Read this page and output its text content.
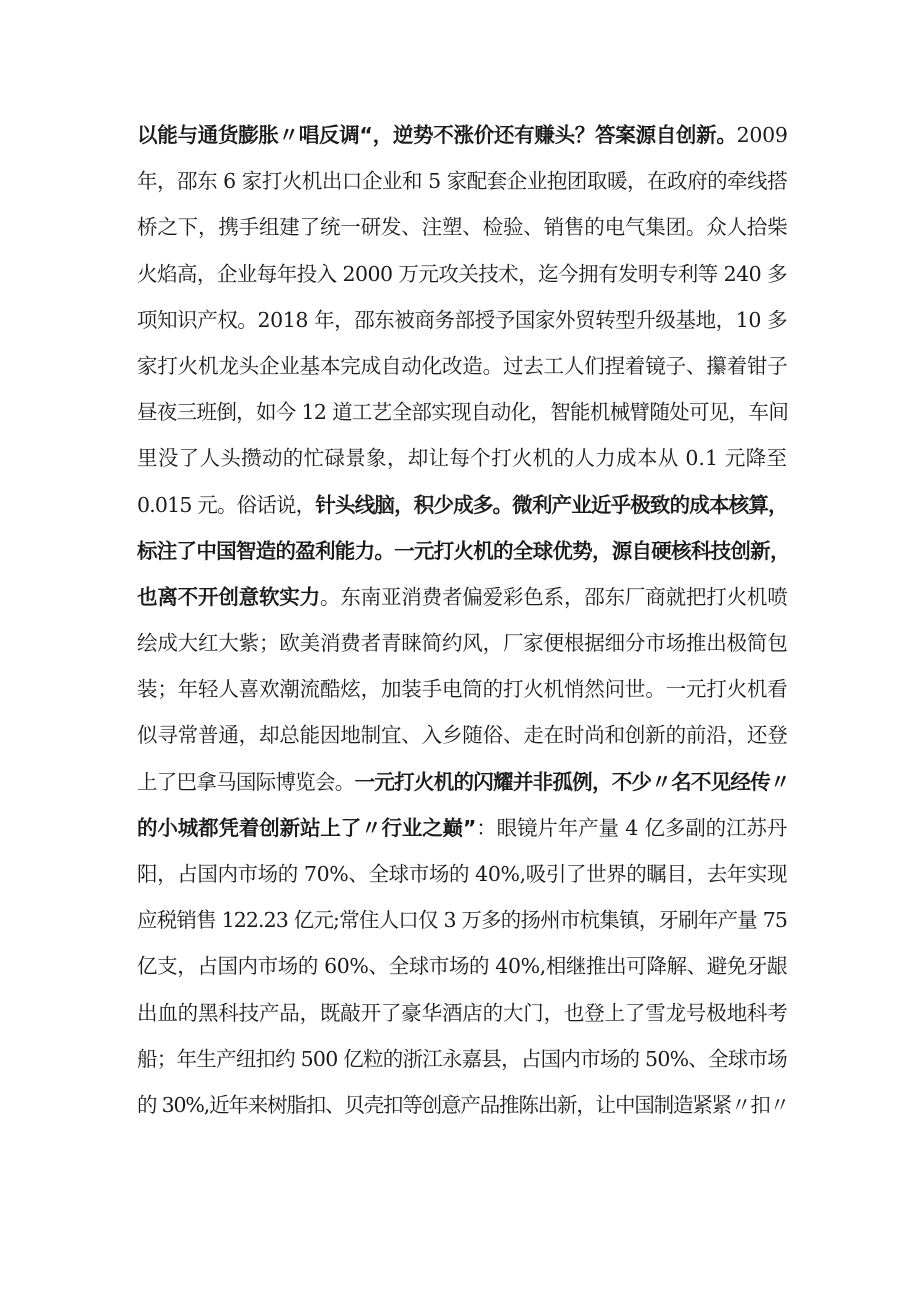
以能与通货膨胀〃唱反调“，逆势不涨价还有赚头？答案源自创新。2009
年，邵东 6 家打火机出口企业和 5 家配套企业抱团取暖，在政府的牵线搭
桥之下，携手组建了统一研发、注塑、检验、销售的电气集团。众人拾柴
火焰高，企业每年投入 2000 万元攻关技术，迄今拥有发明专利等 240 多
项知识产权。2018 年，邵东被商务部授予国家外贸转型升级基地，10 多
家打火机龙头企业基本完成自动化改造。过去工人们捏着镜子、攥着钳子
昼夜三班倒，如今 12 道工艺全部实现自动化，智能机械臂随处可见，车间
里没了人头攒动的忙碌景象，却让每个打火机的人力成本从 0.1 元降至
0.015 元。俗话说，针头线脑，积少成多。微利产业近乎极致的成本核算，
标注了中国智造的盈利能力。一元打火机的全球优势，源自硬核科技创新，
也离不开创意软实力。东南亚消费者偏爱彩色系，邵东厂商就把打火机喷
绘成大红大紫；欧美消费者青睐简约风，厂家便根据细分市场推出极简包
装；年轻人喜欢潮流酷炫，加装手电筒的打火机悄然问世。一元打火机看
似寻常普通，却总能因地制宜、入乡随俗、走在时尚和创新的前沿，还登
上了巴拿马国际博览会。一元打火机的闪耀并非孤例，不少〃名不见经传〃
的小城都凭着创新站上了〃行业之巅”：眼镜片年产量 4 亿多副的江苏丹
阳，占国内市场的 70%、全球市场的 40%,吸引了世界的瞩目，去年实现
应税销售 122.23 亿元;常住人口仅 3 万多的扬州市杭集镇，牙刷年产量 75
亿支，占国内市场的 60%、全球市场的 40%,相继推出可降解、避免牙龈
出血的黑科技产品，既敲开了豪华酒店的大门，也登上了雪龙号极地科考
船；年生产纽扣约 500 亿粒的浙江永嘉县，占国内市场的 50%、全球市场
的 30%,近年来树脂扣、贝壳扣等创意产品推陈出新，让中国制造紧紧〃扣〃
